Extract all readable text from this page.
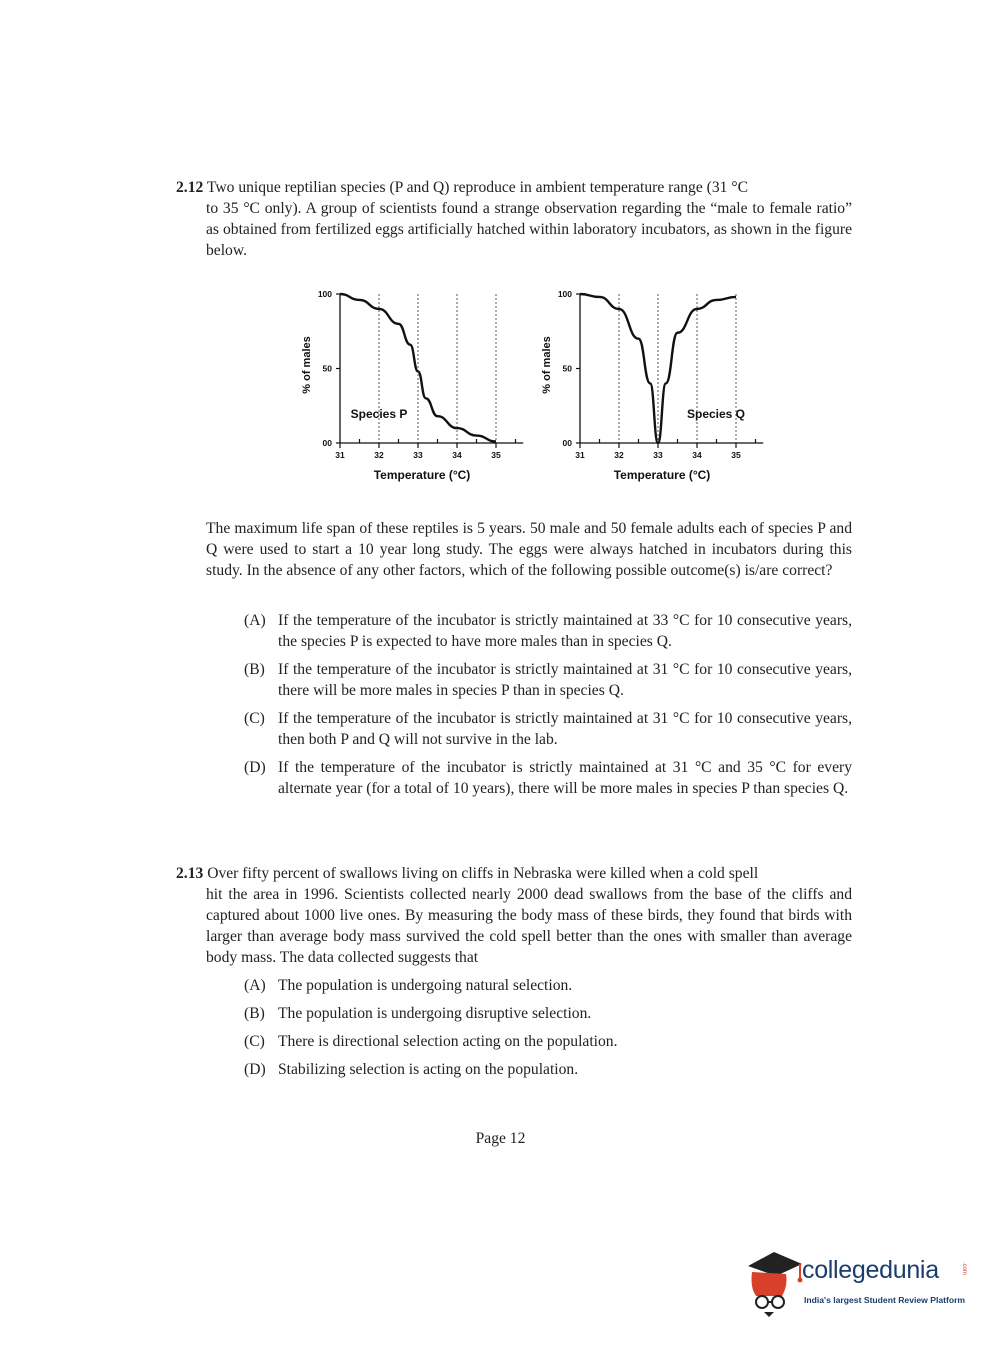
2.12 Two unique reptilian species (P and Q) reproduce in ambient temperature range (31 °C
to 35 °C only). A group of scientists found a strange observation regarding the “male to female ratio” as obtained from fertilized eggs artificially hatched within laboratory incubators, as shown in the figure below.
00
50
100
31	32	33	34	35
Temperature (°C)
% of males
Species P
00
50
100
31	32	33	34	35
Temperature (°C)
% of males
Species Q
The maximum life span of these reptiles is 5 years. 50 male and 50 female adults each of species P and Q were used to start a 10 year long study. The eggs were always hatched in incubators during this study. In the absence of any other factors, which of the following possible outcome(s) is/are correct?
(A) If the temperature of the incubator is strictly maintained at 33 °C for 10 consecutive years, the species P is expected to have more males than in species Q.
(B) If the temperature of the incubator is strictly maintained at 31 °C for 10 consecutive years, there will be more males in species P than in species Q.
(C) If the temperature of the incubator is strictly maintained at 31 °C for 10 consecutive years, then both P and Q will not survive in the lab.
(D) If the temperature of the incubator is strictly maintained at 31 °C and 35 °C for every alternate year (for a total of 10 years), there will be more males in species P than species Q.
2.13 Over fifty percent of swallows living on cliffs in Nebraska were killed when a cold spell
hit the area in 1996. Scientists collected nearly 2000 dead swallows from the base of the cliffs and captured about 1000 live ones. By measuring the body mass of these birds, they found that birds with larger than average body mass survived the cold spell better than the ones with smaller than average body mass. The data collected suggests that
(A) The population is undergoing natural selection.
(B) The population is undergoing disruptive selection.
(C) There is directional selection acting on the population.
(D) Stabilizing selection is acting on the population.
Page 12
collegedunia	.com
India's largest Student Review Platform
